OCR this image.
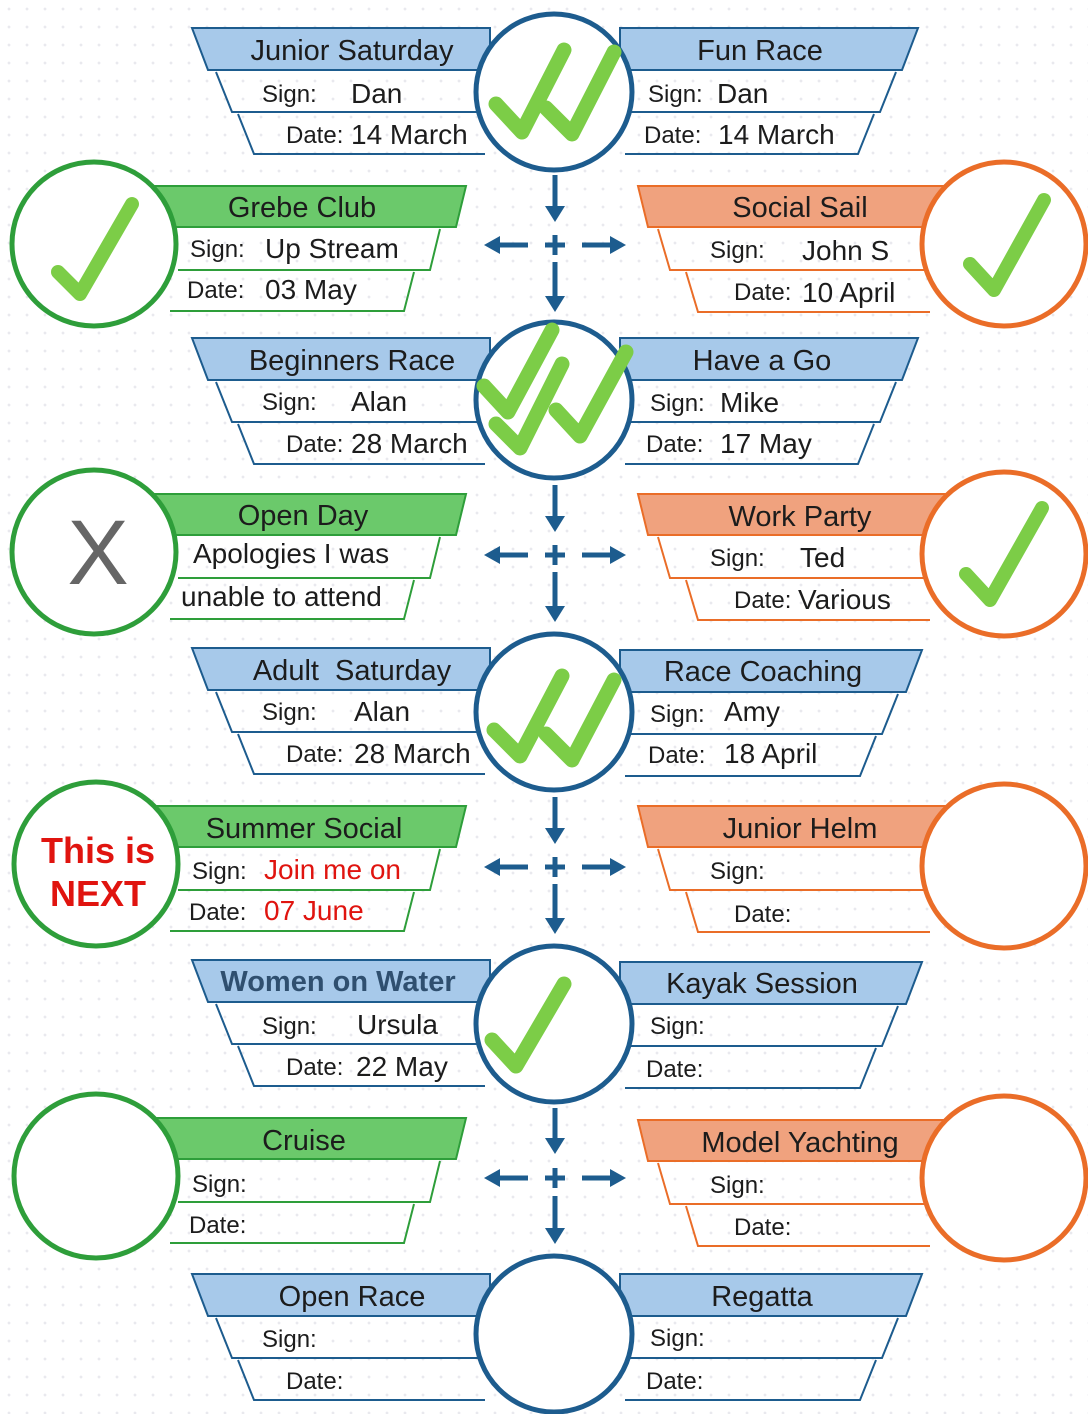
Junior Saturday
Sign: Dan
Date: 14 March
Fun Race
Sign: Dan
Date: 14 March
Grebe Club
Sign: Up Stream
Date: 03 May
Social Sail
Sign: John S
Date: 10 April
Beginners Race
Sign: Alan
Date: 28 March
Have a Go
Sign: Mike
Date: 17 May
Open Day
Apologies I was
unable to attend
X	Work Party
Sign: Ted
Date: Various
Adult  Saturday
Sign: Alan
Date: 28 March
Race Coaching
Sign: Amy
Date: 18 April
Summer Social
Sign: Join me on
Date: 07 June
This is
NEXT
Junior Helm
Sign:
Date:
Women on Water
Sign: Ursula
Date: 22 May
Kayak Session
Sign:
Date:
Cruise
Sign:
Date:
Model Yachting
Sign:
Date:
Open Race
Sign:
Date:
Regatta
Sign:
Date:
